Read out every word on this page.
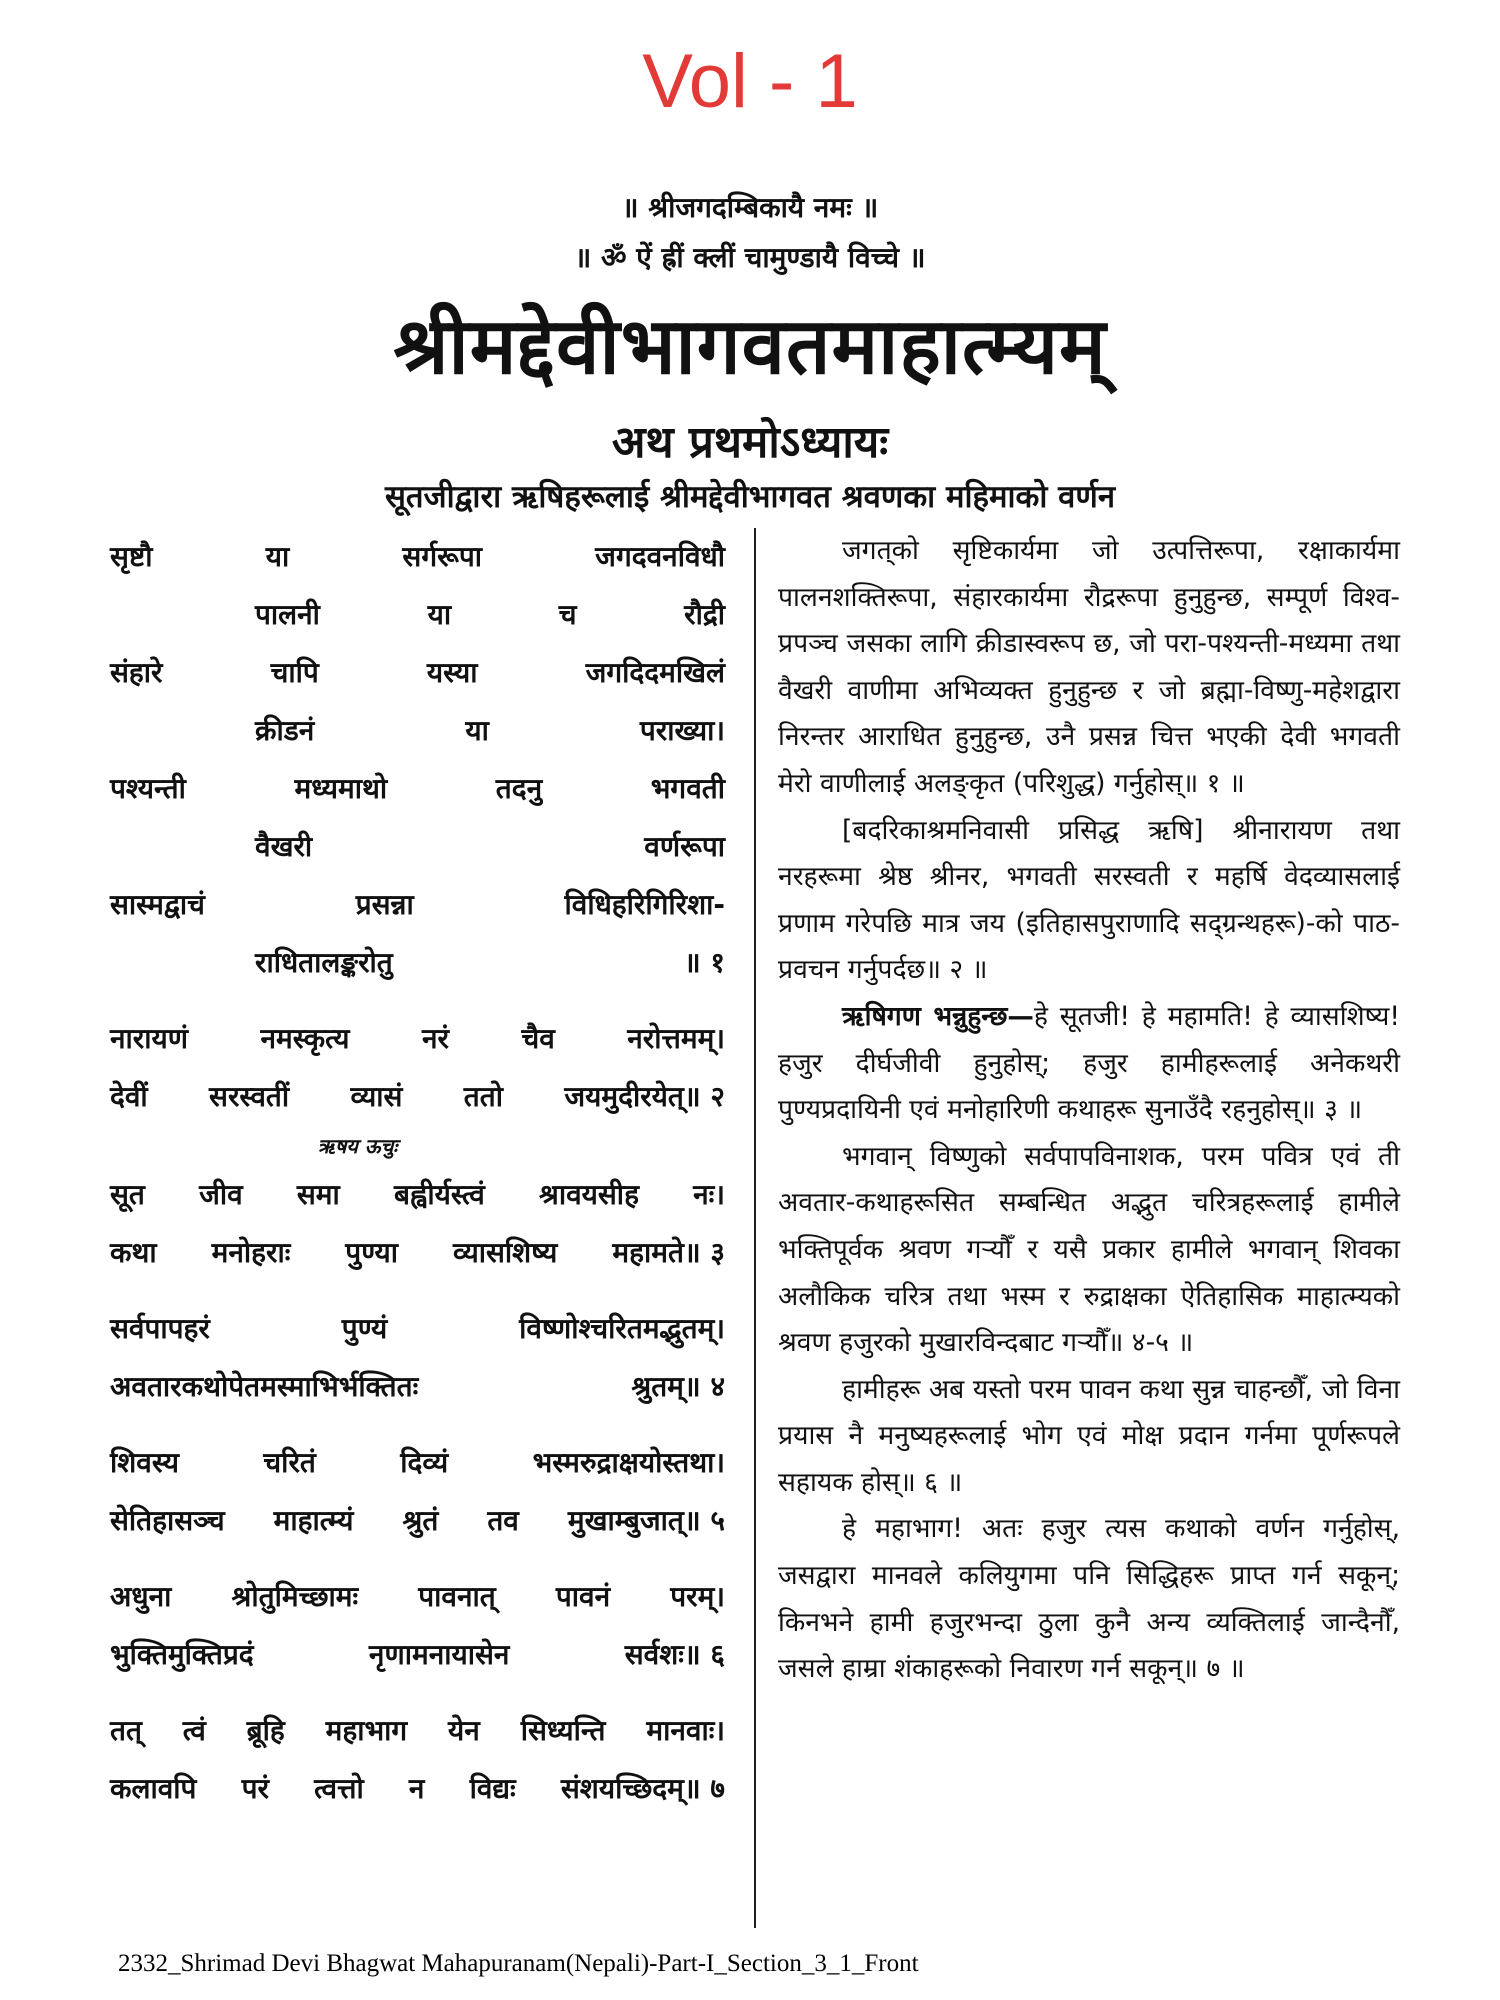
Vol - 1
॥ श्रीजगदम्बिकायै नमः ॥
॥ ॐ ऐं ह्रीं क्लीं चामुण्डायै विच्चे ॥
श्रीमद्देवीभागवतमाहात्म्यम्
अथ प्रथमोऽध्यायः
सूतजीद्वारा ऋषिहरूलाई श्रीमद्देवीभागवत श्रवणका महिमाको वर्णन
सृष्टौ	या	सर्गरूपा	जगदवनविधौ
पालनी	या	च	रौद्री
संहारे	चापि	यस्या	जगदिदमखिलं
क्रीडनं	या	पराख्या।
पश्यन्ती	मध्यमाथो	तदनु	भगवती
वैखरी	वर्णरूपा
सास्मद्वाचं	प्रसन्ना	विधिहरिगिरिशा-
राधितालङ्करोतु	॥ १
नारायणं	नमस्कृत्य	नरं	चैव	नरोत्तमम्।
देवीं सरस्वतीं व्यासं ततो जयमुदीरयेत्॥ २
ऋषय ऊचुः
सूत जीव समा बह्वीर्यस्त्वं श्रावयसीह नः।
कथा मनोहराः पुण्या व्यासशिष्य महामते॥ ३
सर्वपापहरं	पुण्यं	विष्णोश्चरितमद्भुतम्।
अवतारकथोपेतमस्माभिर्भक्तितः	श्रुतम्॥ ४
शिवस्य	चरितं	दिव्यं	भस्मरुद्राक्षयोस्तथा।
सेतिहासञ्च माहात्म्यं श्रुतं तव मुखाम्बुजात्॥ ५
अधुना श्रोतुमिच्छामः पावनात् पावनं परम्।
भुक्तिमुक्तिप्रदं	नृणामनायासेन	सर्वशः॥ ६
तत् त्वं ब्रूहि महाभाग येन सिध्यन्ति मानवाः।
कलावपि परं त्वत्तो न विद्यः संशयच्छिदम्॥ ७

जगत्‌को सृष्टिकार्यमा जो उत्पत्तिरूपा, रक्षाकार्यमा पालनशक्तिरूपा, संहारकार्यमा रौद्ररूपा हुनुहुन्छ, सम्पूर्ण विश्व-प्रपञ्च जसका लागि क्रीडास्वरूप छ, जो परा-पश्यन्ती-मध्यमा तथा वैखरी वाणीमा अभिव्यक्त हुनुहुन्छ र जो ब्रह्मा-विष्णु-महेशद्वारा निरन्तर आराधित हुनुहुन्छ, उनै प्रसन्न चित्त भएकी देवी भगवती मेरो वाणीलाई अलङ्कृत (परिशुद्ध) गर्नुहोस्॥ १ ॥

[बदरिकाश्रमनिवासी प्रसिद्ध ऋषि] श्रीनारायण तथा नरहरूमा श्रेष्ठ श्रीनर, भगवती सरस्वती र महर्षि वेदव्यासलाई प्रणाम गरेपछि मात्र जय (इतिहासपुराणादि सद्ग्रन्थहरू)-को पाठ-प्रवचन गर्नुपर्दछ॥ २ ॥

ऋषिगण भन्नुहुन्छ—हे सूतजी! हे महामति! हे व्यासशिष्य! हजुर दीर्घजीवी हुनुहोस्; हजुर हामीहरूलाई अनेकथरी पुण्यप्रदायिनी एवं मनोहारिणी कथाहरू सुनाउँदै रहनुहोस्॥ ३ ॥

भगवान् विष्णुको सर्वपापविनाशक, परम पवित्र एवं ती अवतार-कथाहरूसित सम्बन्धित अद्भुत चरित्रहरूलाई हामीले भक्तिपूर्वक श्रवण गर्‍यौँ र यसै प्रकार हामीले भगवान् शिवका अलौकिक चरित्र तथा भस्म र रुद्राक्षका ऐतिहासिक माहात्म्यको श्रवण हजुरको मुखारविन्दबाट गर्‍यौँ॥ ४-५ ॥

हामीहरू अब यस्तो परम पावन कथा सुन्न चाहन्छौँ, जो विना प्रयास नै मनुष्यहरूलाई भोग एवं मोक्ष प्रदान गर्नमा पूर्णरूपले सहायक होस्॥ ६ ॥

हे महाभाग! अतः हजुर त्यस कथाको वर्णन गर्नुहोस्, जसद्वारा मानवले कलियुगमा पनि सिद्धिहरू प्राप्त गर्न सकून्; किनभने हामी हजुरभन्दा ठुला कुनै अन्य व्यक्तिलाई जान्दैनौँ, जसले हाम्रा शंकाहरूको निवारण गर्न सकून्॥ ७ ॥

2332_Shrimad Devi Bhagwat Mahapuranam(Nepali)-Part-I_Section_3_1_Front
